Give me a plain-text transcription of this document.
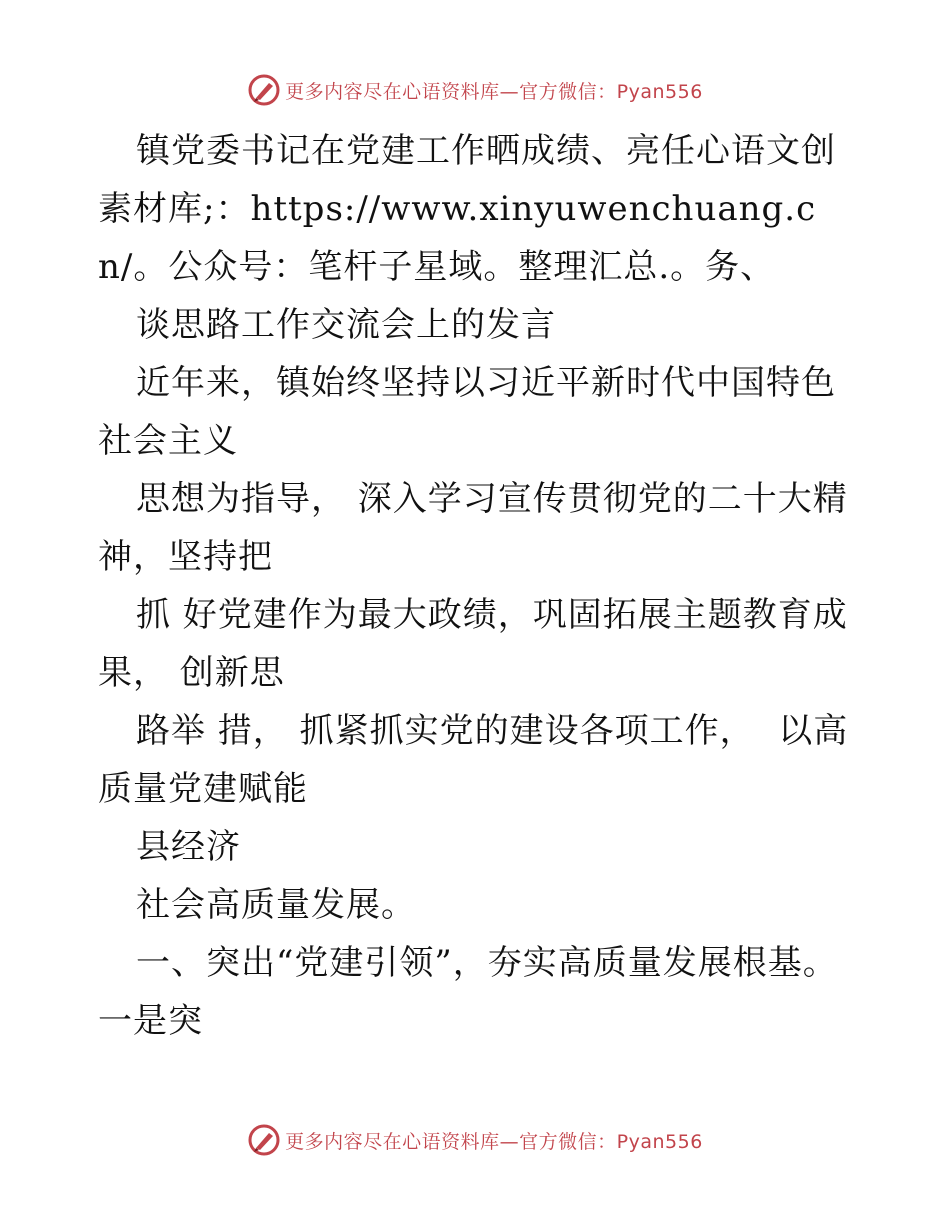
更多内容尽在心语资料库—官方微信：Pyan556

镇党委书记在党建工作晒成绩、亮任心语文创素材库;：https://www.xinyuwenchuang.cn/。公众号：笔杆子星域。整理汇总.。务、

谈思路工作交流会上的发言

近年来，镇始终坚持以习近平新时代中国特色社会主义

思想为指导， 深入学习宣传贯彻党的二十大精神，坚持把

抓 好党建作为最大政绩，巩固拓展主题教育成果， 创新思

路举 措， 抓紧抓实党的建设各项工作，  以高质量党建赋能

县经济

社会高质量发展。

一、突出“党建引领”，夯实高质量发展根基。一是突

更多内容尽在心语资料库—官方微信：Pyan556
